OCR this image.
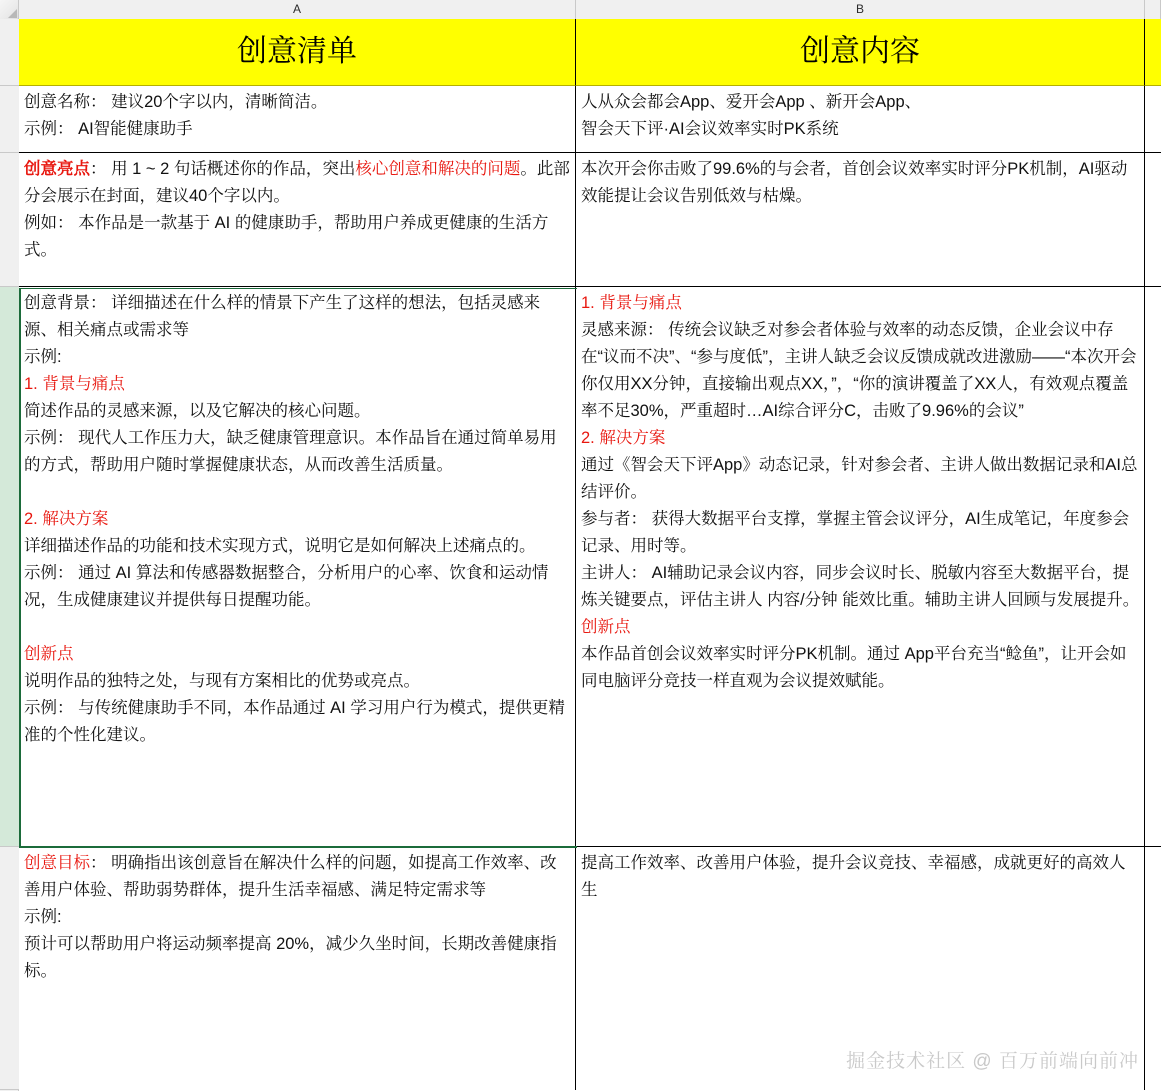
A	B
创意清单	创意内容
创意名称： 建议20个字以内，清晰简洁。
示例： AI智能健康助手
人从众会都会App、爱开会App 、新开会App、
智会天下评·AI会议效率实时PK系统
创意亮点： 用 1 ~ 2 句话概述你的作品，突出核心创意和解决的问题。此部分会展示在封面，建议40个字以内。
例如： 本作品是一款基于 AI 的健康助手，帮助用户养成更健康的生活方式。
本次开会你击败了99.6%的与会者，首创会议效率实时评分PK机制，AI驱动效能提让会议告别低效与枯燥。
创意背景： 详细描述在什么样的情景下产生了这样的想法，包括灵感来源、相关痛点或需求等
示例:
1. 背景与痛点
简述作品的灵感来源，以及它解决的核心问题。
示例： 现代人工作压力大，缺乏健康管理意识。本作品旨在通过简单易用的方式，帮助用户随时掌握健康状态，从而改善生活质量。

2. 解决方案
详细描述作品的功能和技术实现方式，说明它是如何解决上述痛点的。
示例： 通过 AI 算法和传感器数据整合，分析用户的心率、饮食和运动情况，生成健康建议并提供每日提醒功能。

创新点
说明作品的独特之处，与现有方案相比的优势或亮点。
示例： 与传统健康助手不同，本作品通过 AI 学习用户行为模式，提供更精准的个性化建议。
1. 背景与痛点
灵感来源： 传统会议缺乏对参会者体验与效率的动态反馈，企业会议中存在“议而不决”、“参与度低”，主讲人缺乏会议反馈成就改进激励——“本次开会你仅用XX分钟，直接输出观点XX，”，“你的演讲覆盖了XX人，有效观点覆盖率不足30%，严重超时…AI综合评分C，击败了9.96%的会议”
2. 解决方案
通过《智会天下评App》动态记录，针对参会者、主讲人做出数据记录和AI总结评价。
参与者： 获得大数据平台支撑，掌握主管会议评分，AI生成笔记，年度参会记录、用时等。
主讲人： AI辅助记录会议内容，同步会议时长、脱敏内容至大数据平台，提炼关键要点，评估主讲人 内容/分钟 能效比重。辅助主讲人回顾与发展提升。
创新点
本作品首创会议效率实时评分PK机制。通过 App平台充当“鲶鱼”，让开会如同电脑评分竞技一样直观为会议提效赋能。
创意目标： 明确指出该创意旨在解决什么样的问题，如提高工作效率、改善用户体验、帮助弱势群体，提升生活幸福感、满足特定需求等
示例:
预计可以帮助用户将运动频率提高 20%，减少久坐时间，长期改善健康指标。
提高工作效率、改善用户体验，提升会议竞技、幸福感，成就更好的高效人生
掘金技术社区 @ 百万前端向前冲
